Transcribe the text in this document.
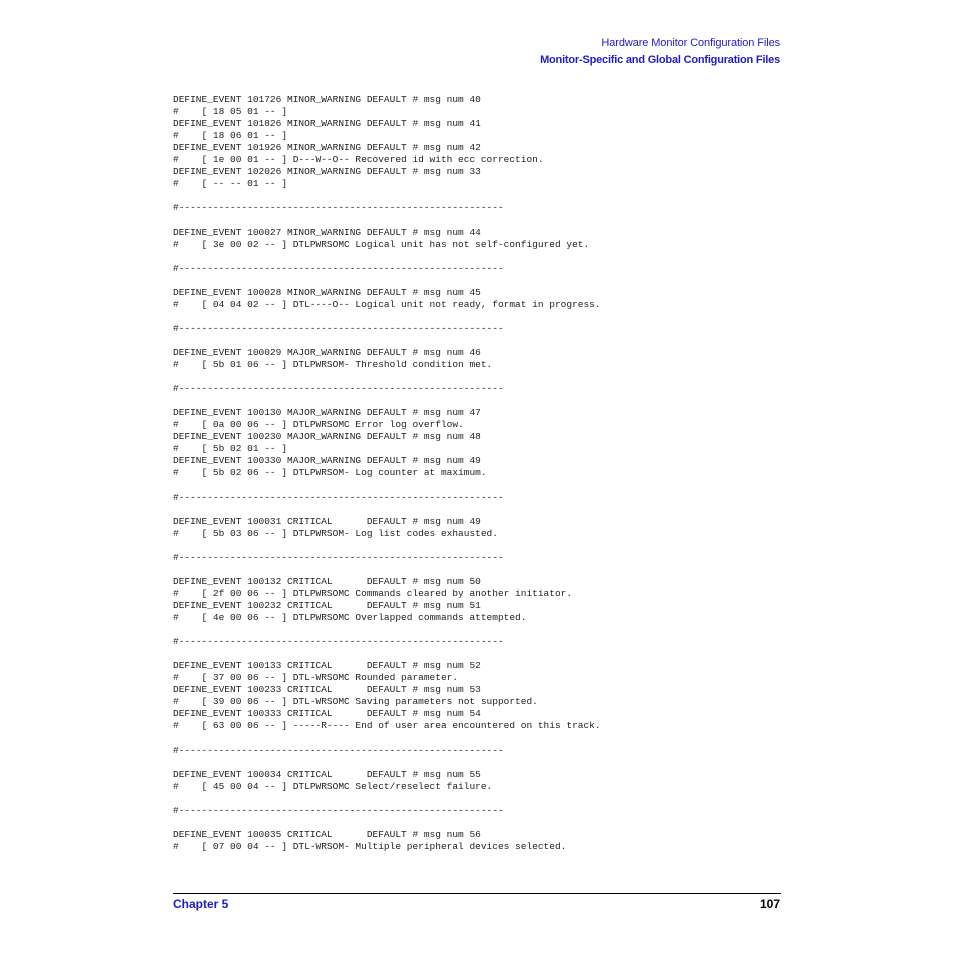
Hardware Monitor Configuration Files
Monitor-Specific and Global Configuration Files
DEFINE_EVENT 101726 MINOR_WARNING DEFAULT # msg num 40
#    [ 18 05 01 -- ]
DEFINE_EVENT 101826 MINOR_WARNING DEFAULT # msg num 41
#    [ 18 06 01 -- ]
DEFINE_EVENT 101926 MINOR_WARNING DEFAULT # msg num 42
#    [ 1e 00 01 -- ] D---W--O-- Recovered id with ecc correction.
DEFINE_EVENT 102026 MINOR_WARNING DEFAULT # msg num 33
#    [ -- -- 01 -- ]
#---------------------------------------------------------
DEFINE_EVENT 100027 MINOR_WARNING DEFAULT # msg num 44
#    [ 3e 00 02 -- ] DTLPWRSOMC Logical unit has not self-configured yet.
#---------------------------------------------------------
DEFINE_EVENT 100028 MINOR_WARNING DEFAULT # msg num 45
#    [ 04 04 02 -- ] DTL----O-- Logical unit not ready, format in progress.
#---------------------------------------------------------
DEFINE_EVENT 100029 MAJOR_WARNING DEFAULT # msg num 46
#    [ 5b 01 06 -- ] DTLPWRSOM- Threshold condition met.
#---------------------------------------------------------
DEFINE_EVENT 100130 MAJOR_WARNING DEFAULT # msg num 47
#    [ 0a 00 06 -- ] DTLPWRSOMC Error log overflow.
DEFINE_EVENT 100230 MAJOR_WARNING DEFAULT # msg num 48
#    [ 5b 02 01 -- ]
DEFINE_EVENT 100330 MAJOR_WARNING DEFAULT # msg num 49
#    [ 5b 02 06 -- ] DTLPWRSOM- Log counter at maximum.
#---------------------------------------------------------
DEFINE_EVENT 100031 CRITICAL      DEFAULT # msg num 49
#    [ 5b 03 06 -- ] DTLPWRSOM- Log list codes exhausted.
#---------------------------------------------------------
DEFINE_EVENT 100132 CRITICAL      DEFAULT # msg num 50
#    [ 2f 00 06 -- ] DTLPWRSOMC Commands cleared by another initiator.
DEFINE_EVENT 100232 CRITICAL      DEFAULT # msg num 51
#    [ 4e 00 06 -- ] DTLPWRSOMC Overlapped commands attempted.
#---------------------------------------------------------
DEFINE_EVENT 100133 CRITICAL      DEFAULT # msg num 52
#    [ 37 00 06 -- ] DTL-WRSOMC Rounded parameter.
DEFINE_EVENT 100233 CRITICAL      DEFAULT # msg num 53
#    [ 39 00 06 -- ] DTL-WRSOMC Saving parameters not supported.
DEFINE_EVENT 100333 CRITICAL      DEFAULT # msg num 54
#    [ 63 00 06 -- ] -----R---- End of user area encountered on this track.
#---------------------------------------------------------
DEFINE_EVENT 100034 CRITICAL      DEFAULT # msg num 55
#    [ 45 00 04 -- ] DTLPWRSOMC Select/reselect failure.
#---------------------------------------------------------
DEFINE_EVENT 100035 CRITICAL      DEFAULT # msg num 56
#    [ 07 00 04 -- ] DTL-WRSOM- Multiple peripheral devices selected.
Chapter 5	107
